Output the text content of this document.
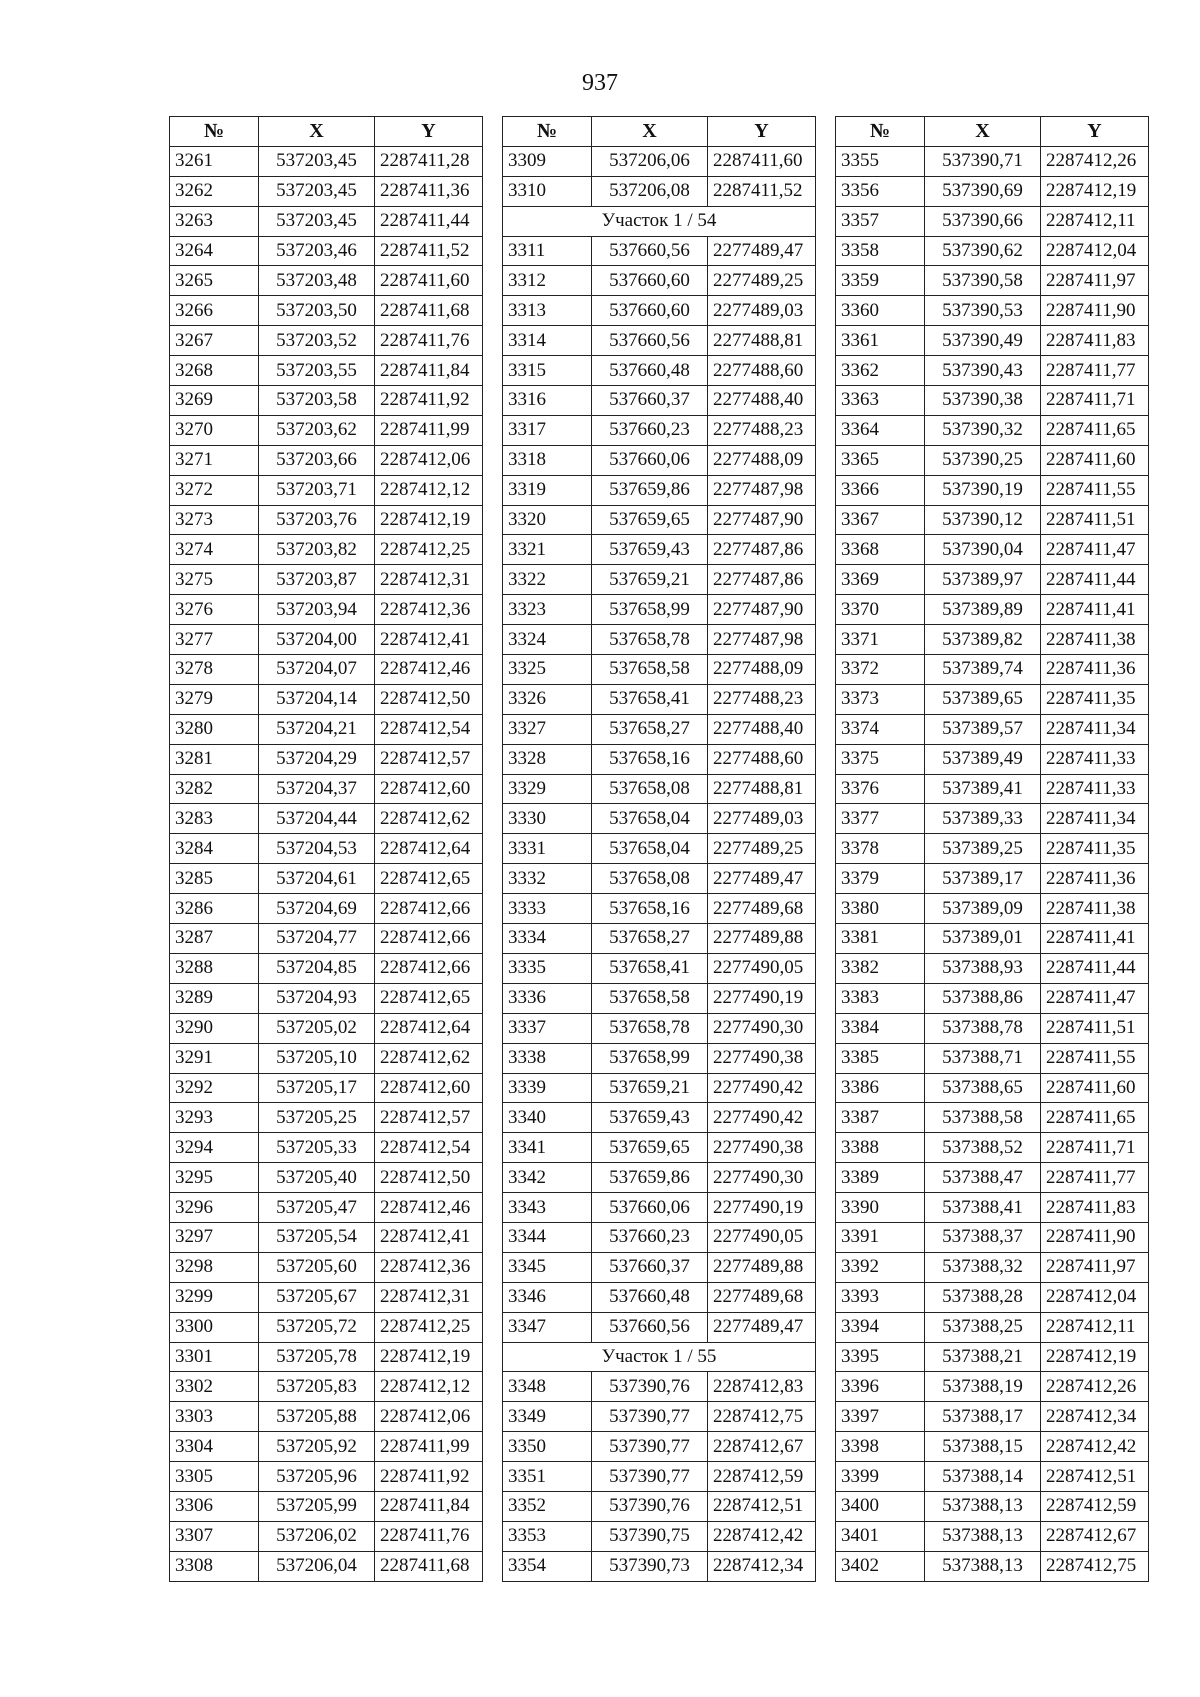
937
№	X	Y
3261	537203,45	2287411,28
3262	537203,45	2287411,36
3263	537203,45	2287411,44
3264	537203,46	2287411,52
3265	537203,48	2287411,60
3266	537203,50	2287411,68
3267	537203,52	2287411,76
3268	537203,55	2287411,84
3269	537203,58	2287411,92
3270	537203,62	2287411,99
3271	537203,66	2287412,06
3272	537203,71	2287412,12
3273	537203,76	2287412,19
3274	537203,82	2287412,25
3275	537203,87	2287412,31
3276	537203,94	2287412,36
3277	537204,00	2287412,41
3278	537204,07	2287412,46
3279	537204,14	2287412,50
3280	537204,21	2287412,54
3281	537204,29	2287412,57
3282	537204,37	2287412,60
3283	537204,44	2287412,62
3284	537204,53	2287412,64
3285	537204,61	2287412,65
3286	537204,69	2287412,66
3287	537204,77	2287412,66
3288	537204,85	2287412,66
3289	537204,93	2287412,65
3290	537205,02	2287412,64
3291	537205,10	2287412,62
3292	537205,17	2287412,60
3293	537205,25	2287412,57
3294	537205,33	2287412,54
3295	537205,40	2287412,50
3296	537205,47	2287412,46
3297	537205,54	2287412,41
3298	537205,60	2287412,36
3299	537205,67	2287412,31
3300	537205,72	2287412,25
3301	537205,78	2287412,19
3302	537205,83	2287412,12
3303	537205,88	2287412,06
3304	537205,92	2287411,99
3305	537205,96	2287411,92
3306	537205,99	2287411,84
3307	537206,02	2287411,76
3308	537206,04	2287411,68
№	X	Y
3309	537206,06	2287411,60
3310	537206,08	2287411,52
Участок 1 / 54		
3311	537660,56	2277489,47
3312	537660,60	2277489,25
3313	537660,60	2277489,03
3314	537660,56	2277488,81
3315	537660,48	2277488,60
3316	537660,37	2277488,40
3317	537660,23	2277488,23
3318	537660,06	2277488,09
3319	537659,86	2277487,98
3320	537659,65	2277487,90
3321	537659,43	2277487,86
3322	537659,21	2277487,86
3323	537658,99	2277487,90
3324	537658,78	2277487,98
3325	537658,58	2277488,09
3326	537658,41	2277488,23
3327	537658,27	2277488,40
3328	537658,16	2277488,60
3329	537658,08	2277488,81
3330	537658,04	2277489,03
3331	537658,04	2277489,25
3332	537658,08	2277489,47
3333	537658,16	2277489,68
3334	537658,27	2277489,88
3335	537658,41	2277490,05
3336	537658,58	2277490,19
3337	537658,78	2277490,30
3338	537658,99	2277490,38
3339	537659,21	2277490,42
3340	537659,43	2277490,42
3341	537659,65	2277490,38
3342	537659,86	2277490,30
3343	537660,06	2277490,19
3344	537660,23	2277490,05
3345	537660,37	2277489,88
3346	537660,48	2277489,68
3347	537660,56	2277489,47
Участок 1 / 55		
3348	537390,76	2287412,83
3349	537390,77	2287412,75
3350	537390,77	2287412,67
3351	537390,77	2287412,59
3352	537390,76	2287412,51
3353	537390,75	2287412,42
3354	537390,73	2287412,34
№	X	Y
3355	537390,71	2287412,26
3356	537390,69	2287412,19
3357	537390,66	2287412,11
3358	537390,62	2287412,04
3359	537390,58	2287411,97
3360	537390,53	2287411,90
3361	537390,49	2287411,83
3362	537390,43	2287411,77
3363	537390,38	2287411,71
3364	537390,32	2287411,65
3365	537390,25	2287411,60
3366	537390,19	2287411,55
3367	537390,12	2287411,51
3368	537390,04	2287411,47
3369	537389,97	2287411,44
3370	537389,89	2287411,41
3371	537389,82	2287411,38
3372	537389,74	2287411,36
3373	537389,65	2287411,35
3374	537389,57	2287411,34
3375	537389,49	2287411,33
3376	537389,41	2287411,33
3377	537389,33	2287411,34
3378	537389,25	2287411,35
3379	537389,17	2287411,36
3380	537389,09	2287411,38
3381	537389,01	2287411,41
3382	537388,93	2287411,44
3383	537388,86	2287411,47
3384	537388,78	2287411,51
3385	537388,71	2287411,55
3386	537388,65	2287411,60
3387	537388,58	2287411,65
3388	537388,52	2287411,71
3389	537388,47	2287411,77
3390	537388,41	2287411,83
3391	537388,37	2287411,90
3392	537388,32	2287411,97
3393	537388,28	2287412,04
3394	537388,25	2287412,11
3395	537388,21	2287412,19
3396	537388,19	2287412,26
3397	537388,17	2287412,34
3398	537388,15	2287412,42
3399	537388,14	2287412,51
3400	537388,13	2287412,59
3401	537388,13	2287412,67
3402	537388,13	2287412,75
